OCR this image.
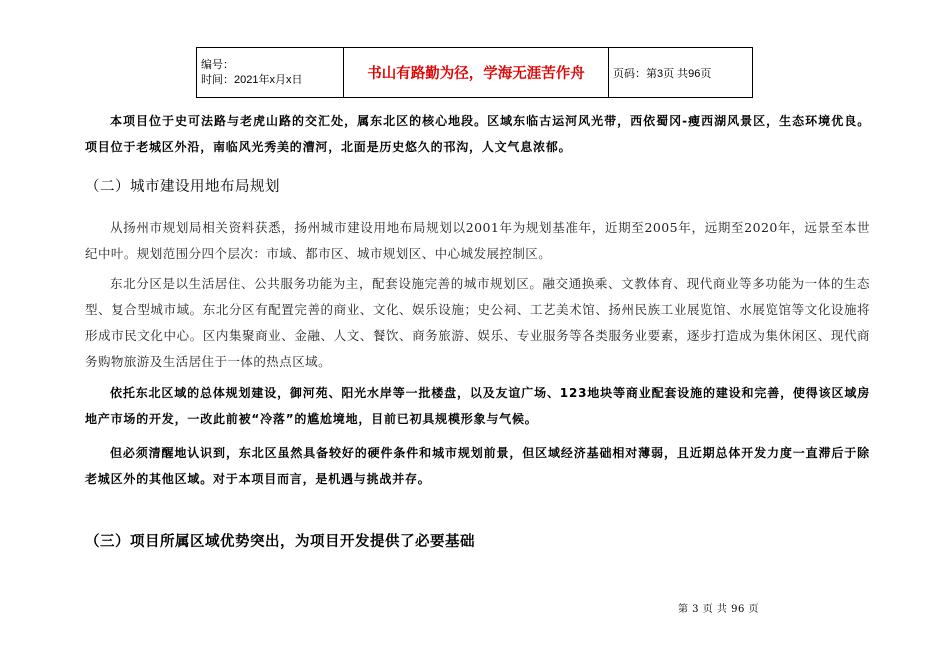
编号：
时间：2021年x月x日	书山有路勤为径，学海无涯苦作舟	页码：第3页 共96页
本项目位于史可法路与老虎山路的交汇处，属东北区的核心地段。区域东临古运河风光带，西依蜀冈-瘦西湖风景区，生态环境优良。项目位于老城区外沿，南临风光秀美的漕河，北面是历史悠久的邗沟，人文气息浓郁。
（二）城市建设用地布局规划
从扬州市规划局相关资料获悉，扬州城市建设用地布局规划以2001年为规划基准年，近期至2005年，远期至2020年，远景至本世纪中叶。规划范围分四个层次：市域、都市区、城市规划区、中心城发展控制区。
东北分区是以生活居住、公共服务功能为主，配套设施完善的城市规划区。融交通换乘、文教体育、现代商业等多功能为一体的生态型、复合型城市域。东北分区有配置完善的商业、文化、娱乐设施；史公祠、工艺美术馆、扬州民族工业展览馆、水展览馆等文化设施将形成市民文化中心。区内集聚商业、金融、人文、餐饮、商务旅游、娱乐、专业服务等各类服务业要素，逐步打造成为集休闲区、现代商务购物旅游及生活居住于一体的热点区域。
依托东北区域的总体规划建设，御河苑、阳光水岸等一批楼盘，以及友谊广场、123地块等商业配套设施的建设和完善，使得该区域房地产市场的开发，一改此前被“冷落”的尴尬境地，目前已初具规模形象与气候。
但必须清醒地认识到，东北区虽然具备较好的硬件条件和城市规划前景，但区域经济基础相对薄弱，且近期总体开发力度一直滞后于除老城区外的其他区域。对于本项目而言，是机遇与挑战并存。
（三）项目所属区域优势突出，为项目开发提供了必要基础
第 3 页 共 96 页
